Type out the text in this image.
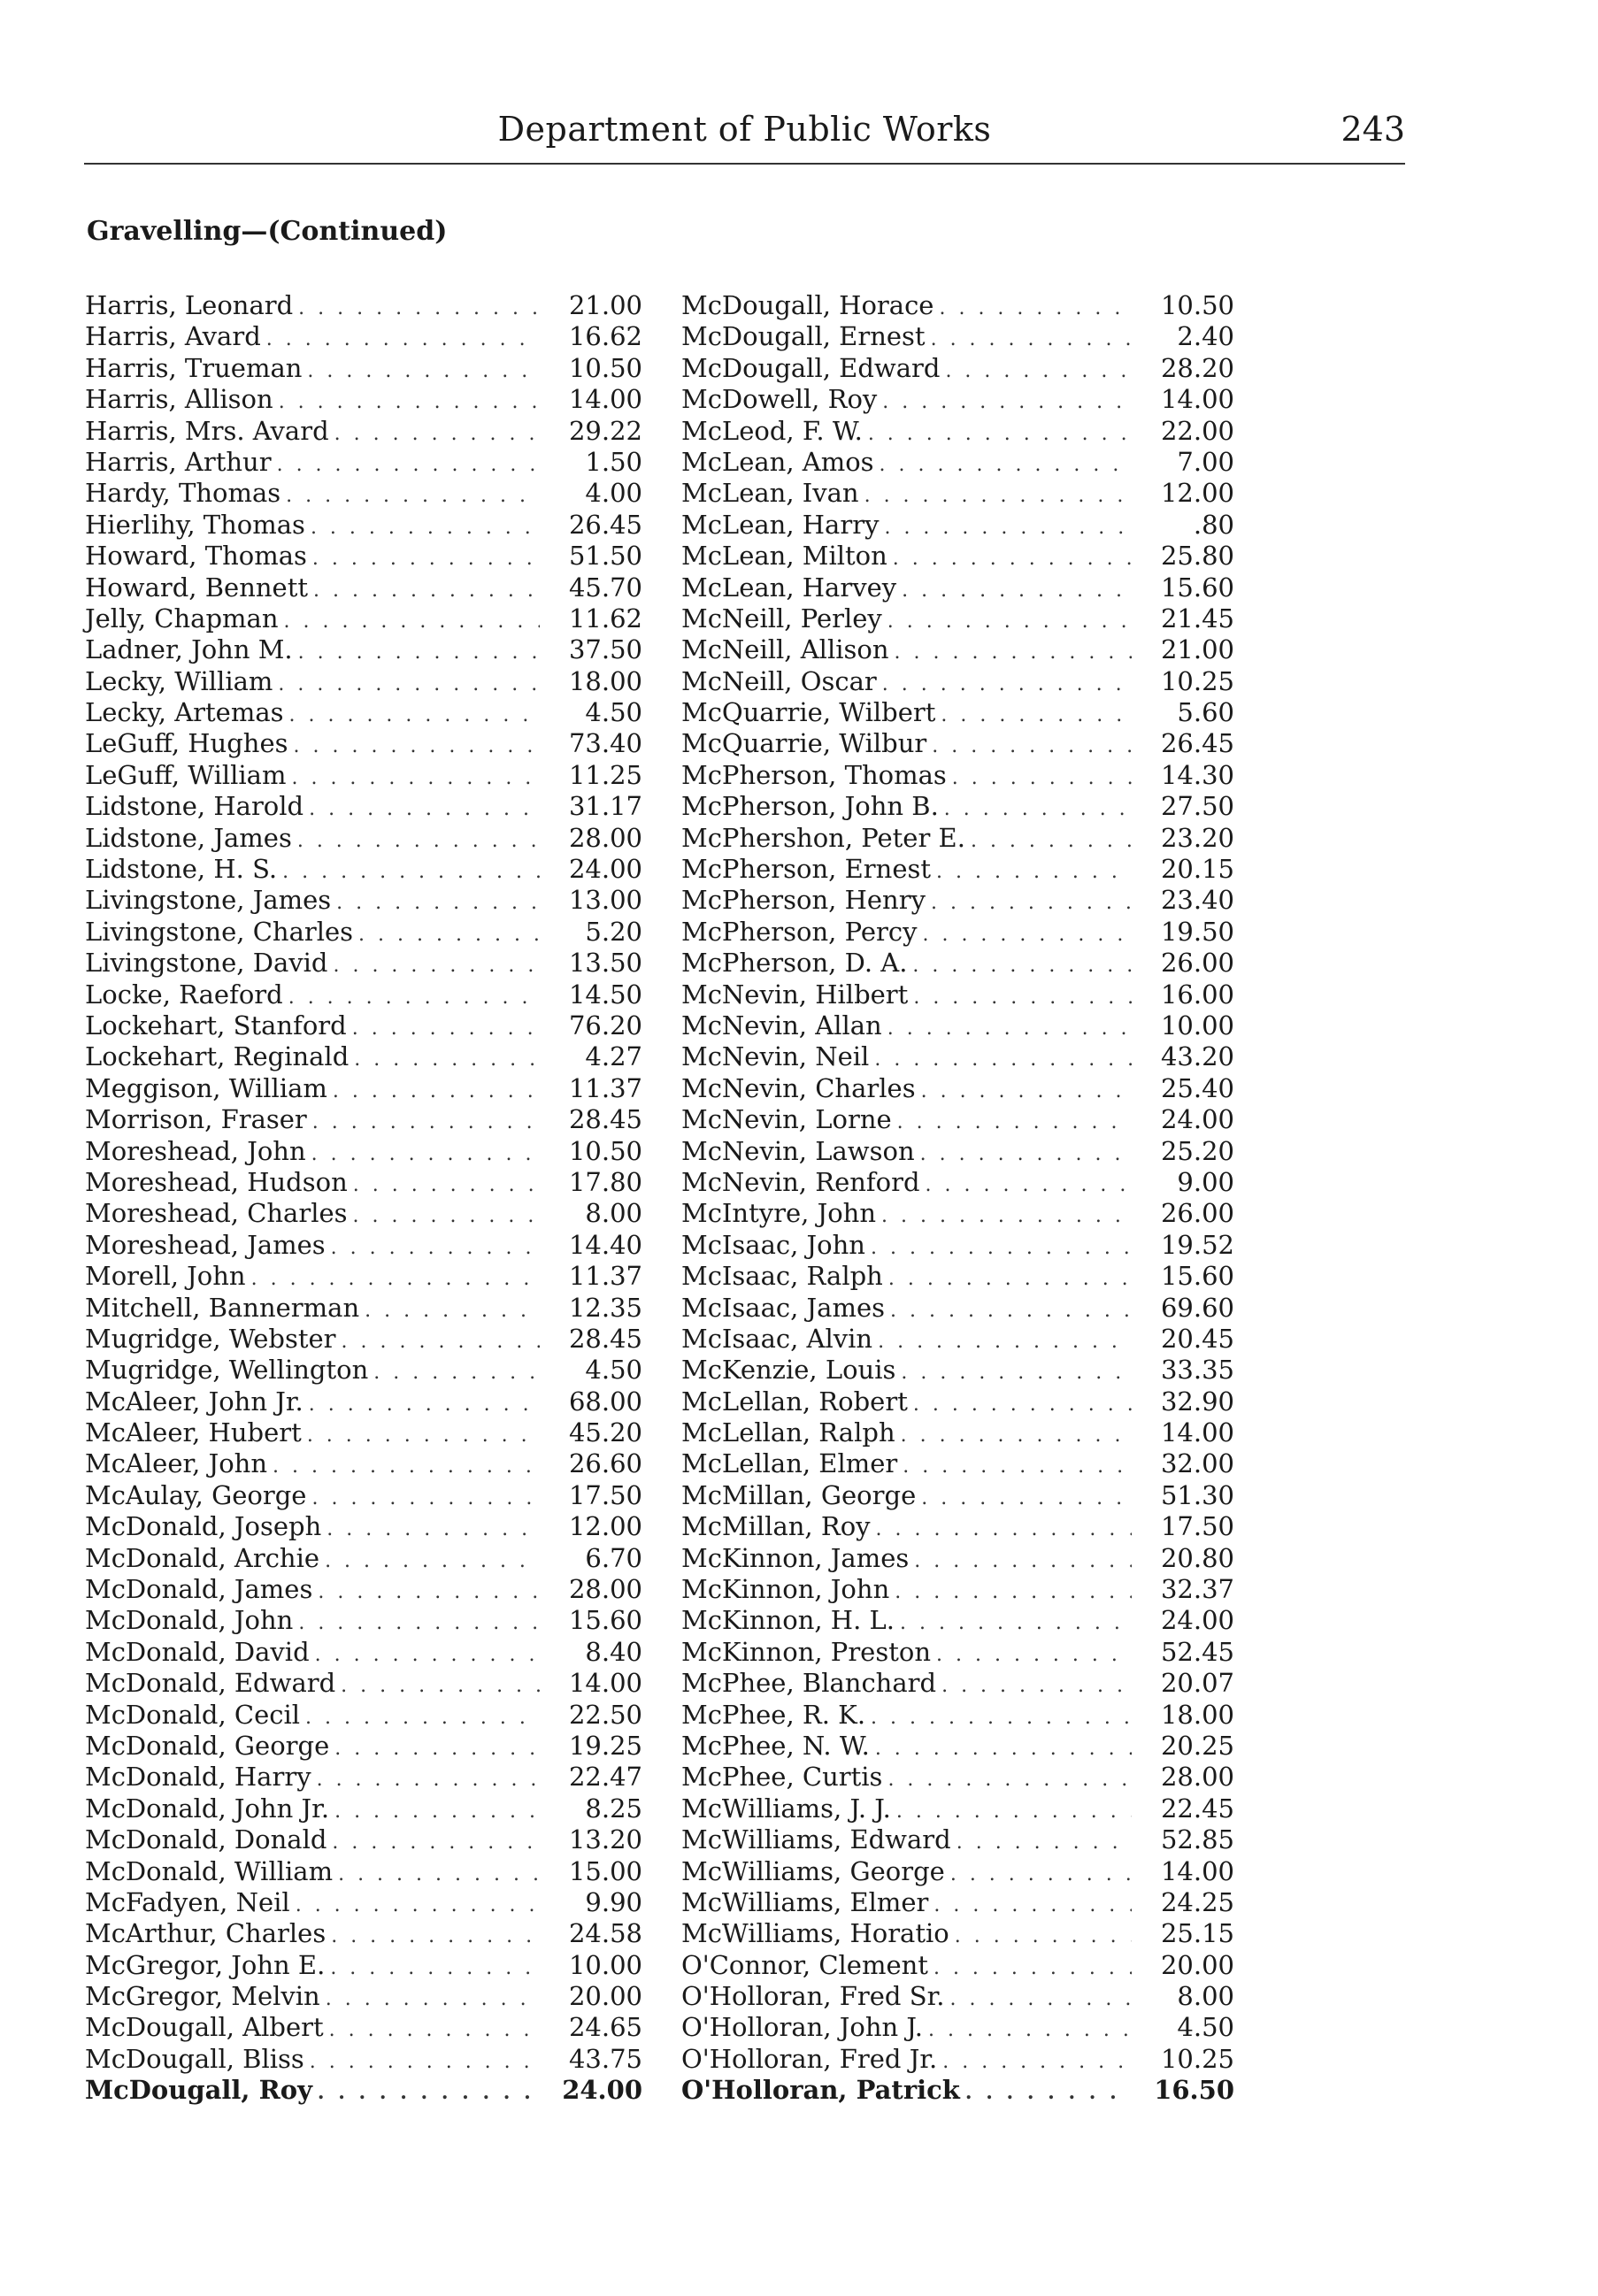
Department of Public Works	243
Gravelling—(Continued)
Harris, Leonard . . .	21.00
Harris, Avard . . .	16.62
Harris, Trueman . . .	10.50
Harris, Allison . . .	14.00
Harris, Mrs. Avard . . .	29.22
Harris, Arthur . . .	1.50
Hardy, Thomas . . .	4.00
Hierlihy, Thomas . . .	26.45
Howard, Thomas . . .	51.50
Howard, Bennett . . .	45.70
Jelly, Chapman . . .	11.62
Ladner, John M. . . .	37.50
Lecky, William . . .	18.00
Lecky, Artemas . . .	4.50
LeGuff, Hughes . . .	73.40
LeGuff, William . . .	11.25
Lidstone, Harold . . .	31.17
Lidstone, James . . .	28.00
Lidstone, H. S. . . .	24.00
Livingstone, James . . .	13.00
Livingstone, Charles . . .	5.20
Livingstone, David . . .	13.50
Locke, Raeford . . .	14.50
Lockehart, Stanford . . .	76.20
Lockehart, Reginald . . .	4.27
Meggison, William . . .	11.37
Morrison, Fraser . . .	28.45
Moreshead, John . . .	10.50
Moreshead, Hudson . . .	17.80
Moreshead, Charles . . .	8.00
Moreshead, James . . .	14.40
Morell, John . . .	11.37
Mitchell, Bannerman . . .	12.35
Mugridge, Webster . . .	28.45
Mugridge, Wellington . . .	4.50
McAleer, John Jr. . . .	68.00
McAleer, Hubert . . .	45.20
McAleer, John . . .	26.60
McAulay, George . . .	17.50
McDonald, Joseph . . .	12.00
McDonald, Archie . . .	6.70
McDonald, James . . .	28.00
McDonald, John . . .	15.60
McDonald, David . . .	8.40
McDonald, Edward . . .	14.00
McDonald, Cecil . . .	22.50
McDonald, George . . .	19.25
McDonald, Harry . . .	22.47
McDonald, John Jr. . . .	8.25
McDonald, Donald . . .	13.20
McDonald, William . . .	15.00
McFadyen, Neil . . .	9.90
McArthur, Charles . . .	24.58
McGregor, John E. . . .	10.00
McGregor, Melvin . . .	20.00
McDougall, Albert . . .	24.65
McDougall, Bliss . . .	43.75
McDougall, Roy . . .	24.00
McDougall, Horace . . .	10.50
McDougall, Ernest . . .	2.40
McDougall, Edward . . .	28.20
McDowell, Roy . . .	14.00
McLeod, F. W. . . .	22.00
McLean, Amos . . .	7.00
McLean, Ivan . . .	12.00
McLean, Harry . . .	.80
McLean, Milton . . .	25.80
McLean, Harvey . . .	15.60
McNeill, Perley . . .	21.45
McNeill, Allison . . .	21.00
McNeill, Oscar . . .	10.25
McQuarrie, Wilbert . . .	5.60
McQuarrie, Wilbur . . .	26.45
McPherson, Thomas . . .	14.30
McPherson, John B. . . .	27.50
McPhershon, Peter E. . . .	23.20
McPherson, Ernest . . .	20.15
McPherson, Henry . . .	23.40
McPherson, Percy . . .	19.50
McPherson, D. A. . . .	26.00
McNevin, Hilbert . . .	16.00
McNevin, Allan . . .	10.00
McNevin, Neil . . .	43.20
McNevin, Charles . . .	25.40
McNevin, Lorne . . .	24.00
McNevin, Lawson . . .	25.20
McNevin, Renford . . .	9.00
McIntyre, John . . .	26.00
McIsaac, John . . .	19.52
McIsaac, Ralph . . .	15.60
McIsaac, James . . .	69.60
McIsaac, Alvin . . .	20.45
McKenzie, Louis . . .	33.35
McLellan, Robert . . .	32.90
McLellan, Ralph . . .	14.00
McLellan, Elmer . . .	32.00
McMillan, George . . .	51.30
McMillan, Roy . . .	17.50
McKinnon, James . . .	20.80
McKinnon, John . . .	32.37
McKinnon, H. L. . . .	24.00
McKinnon, Preston . . .	52.45
McPhee, Blanchard . . .	20.07
McPhee, R. K. . . .	18.00
McPhee, N. W. . . .	20.25
McPhee, Curtis . . .	28.00
McWilliams, J. J. . . .	22.45
McWilliams, Edward . . .	52.85
McWilliams, George . . .	14.00
McWilliams, Elmer . . .	24.25
McWilliams, Horatio . . .	25.15
O'Connor, Clement . . .	20.00
O'Holloran, Fred Sr. . . .	8.00
O'Holloran, John J. . . .	4.50
O'Holloran, Fred Jr. . . .	10.25
O'Holloran, Patrick . . .	16.50
